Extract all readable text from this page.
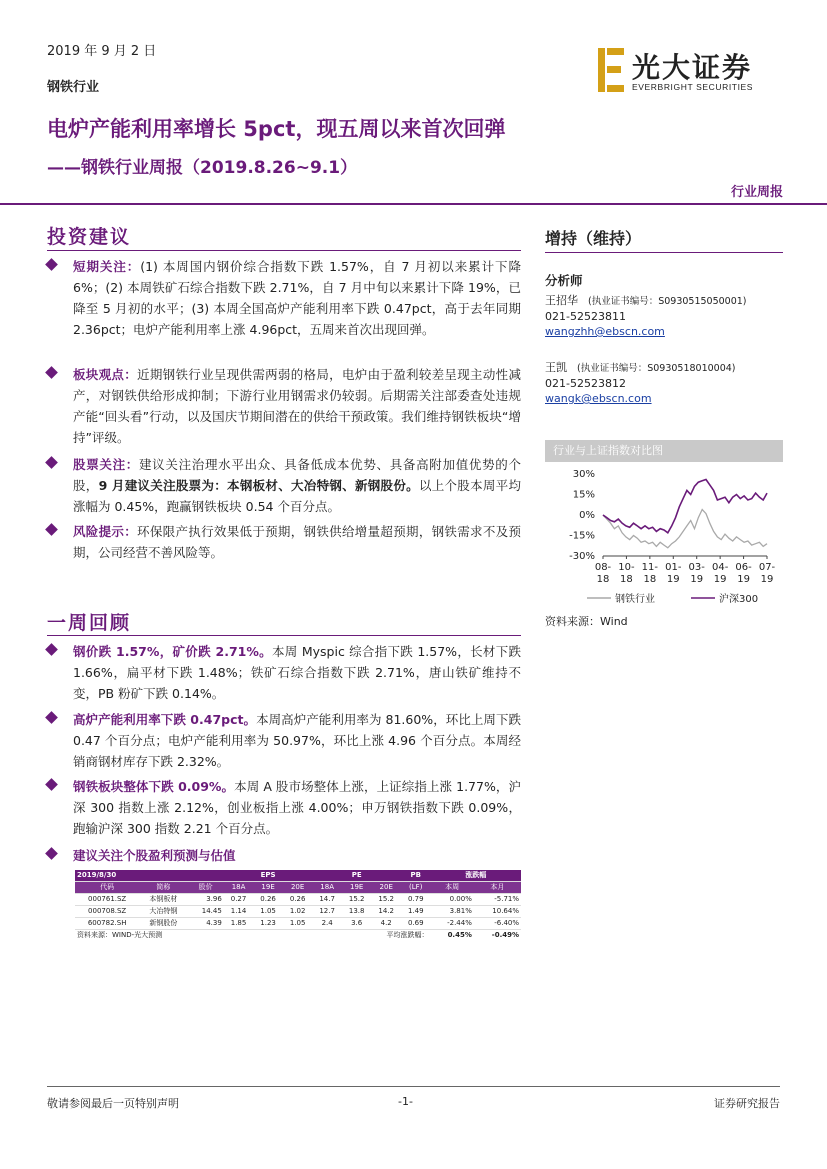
2019 年 9 月 2 日
钢铁行业
光大证券
EVERBRIGHT SECURITIES
电炉产能利用率增长 5pct，现五周以来首次回弹
——钢铁行业周报（2019.8.26~9.1）
行业周报
投资建议
短期关注：(1) 本周国内钢价综合指数下跌 1.57%，自 7 月初以来累计下降 6%；(2) 本周铁矿石综合指数下跌 2.71%，自 7 月中旬以来累计下降 19%，已降至 5 月初的水平；(3) 本周全国高炉产能利用率下跌 0.47pct，高于去年同期 2.36pct；电炉产能利用率上涨 4.96pct，五周来首次出现回弹。
板块观点：近期钢铁行业呈现供需两弱的格局，电炉由于盈利较差呈现主动性减产，对钢铁供给形成抑制；下游行业用钢需求仍较弱。后期需关注部委查处违规产能“回头看”行动，以及国庆节期间潜在的供给干预政策。我们维持钢铁板块“增持”评级。
股票关注：建议关注治理水平出众、具备低成本优势、具备高附加值优势的个股，9 月建议关注股票为：本钢板材、大冶特钢、新钢股份。以上个股本周平均涨幅为 0.45%，跑赢钢铁板块 0.54 个百分点。
风险提示：环保限产执行效果低于预期，钢铁供给增量超预期，钢铁需求不及预期，公司经营不善风险等。
一周回顾
钢价跌 1.57%，矿价跌 2.71%。本周 Myspic 综合指下跌 1.57%，长材下跌 1.66%，扁平材下跌 1.48%；铁矿石综合指数下跌 2.71%，唐山铁矿维持不变，PB 粉矿下跌 0.14%。
高炉产能利用率下跌 0.47pct。本周高炉产能利用率为 81.60%，环比上周下跌 0.47 个百分点；电炉产能利用率为 50.97%，环比上涨 4.96 个百分点。本周经销商钢材库存下跌 2.32%。
钢铁板块整体下跌 0.09%。本周 A 股市场整体上涨，上证综指上涨 1.77%，沪深 300 指数上涨 2.12%，创业板指上涨 4.00%；申万钢铁指数下跌 0.09%，跑输沪深 300 指数 2.21 个百分点。
建议关注个股盈利预测与估值
2019/8/30			EPS			PE			PB	涨跌幅	
代码	简称	股价	18A	19E	20E	18A	19E	20E	(LF)	本周	本月
000761.SZ	本钢板材	3.96	0.27	0.26	0.26	14.7	15.2	15.2	0.79	0.00%	-5.71%
000708.SZ	大冶特钢	14.45	1.14	1.05	1.02	12.7	13.8	14.2	1.49	3.81%	10.64%
600782.SH	新钢股份	4.39	1.85	1.23	1.05	2.4	3.6	4.2	0.69	-2.44%	-6.40%
资料来源：WIND-光大预测						平均涨跌幅：				0.45%	-0.49%
增持（维持）
分析师
王招华 (执业证书编号：S0930515050001)
021-52523811
wangzhh@ebscn.com
王凯 (执业证书编号：S0930518010004)
021-52523812
wangk@ebscn.com
行业与上证指数对比图
30%
15%
0%
-15%
-30%
08-
18
10-
18
11-
18
01-
19
03-
19
04-
19
06-
19
07-
19
钢铁行业	沪深300
资料来源：Wind
敬请参阅最后一页特别声明	-1-	证券研究报告
